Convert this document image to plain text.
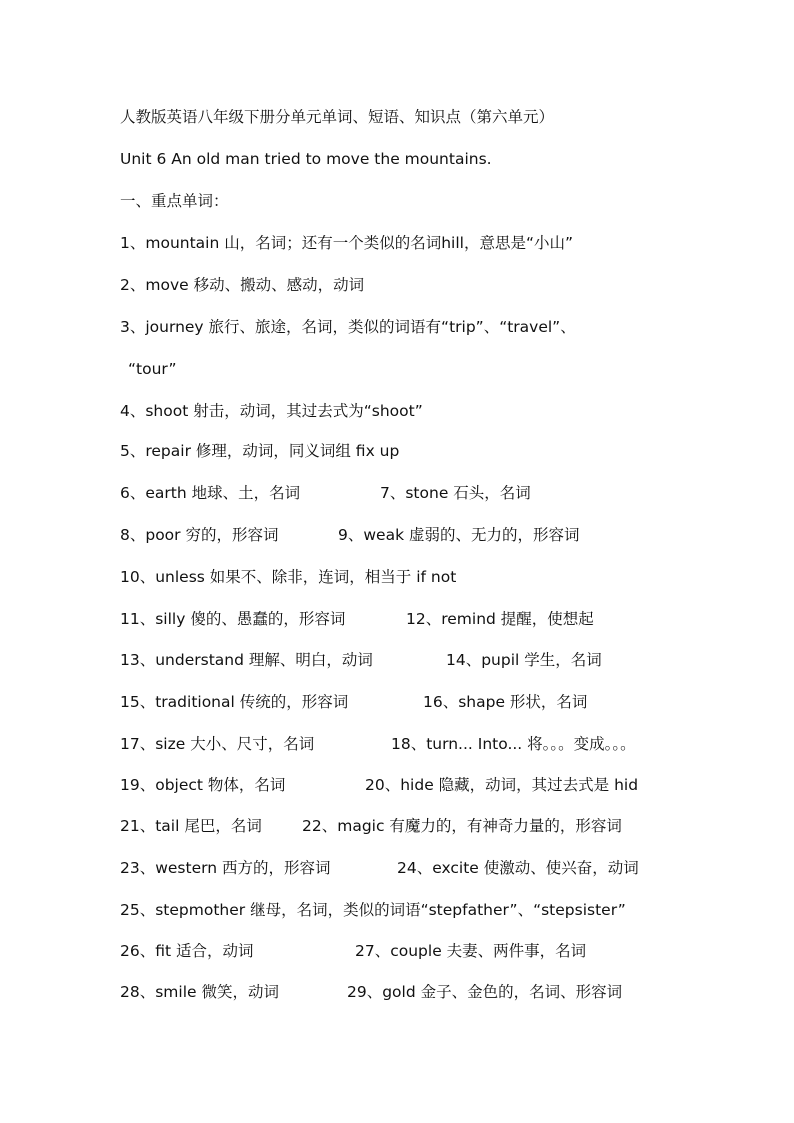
人教版英语八年级下册分单元单词、短语、知识点（第六单元）
Unit 6 An old man tried to move the mountains.
一、重点单词：
1、mountain 山，名词；还有一个类似的名词hill，意思是“小山”
2、move 移动、搬动、感动，动词
3、journey 旅行、旅途，名词，类似的词语有“trip”、“travel”、
“tour”
4、shoot 射击，动词，其过去式为“shoot”
5、repair 修理，动词，同义词组 fix up
6、earth 地球、土，名词	7、stone 石头，名词
8、poor 穷的，形容词	9、weak 虚弱的、无力的，形容词
10、unless 如果不、除非，连词，相当于 if not
11、silly 傻的、愚蠢的，形容词	12、remind 提醒，使想起
13、understand 理解、明白，动词	14、pupil 学生，名词
15、traditional 传统的，形容词	16、shape 形状，名词
17、size 大小、尺寸，名词	18、turn... Into... 将。。。变成。。。
19、object 物体，名词	20、hide 隐藏，动词，其过去式是 hid
21、tail 尾巴，名词	22、magic 有魔力的，有神奇力量的，形容词
23、western 西方的，形容词	24、excite 使激动、使兴奋，动词
25、stepmother 继母，名词，类似的词语“stepfather”、“stepsister”
26、fit 适合，动词	27、couple 夫妻、两件事，名词
28、smile 微笑，动词	29、gold 金子、金色的，名词、形容词
